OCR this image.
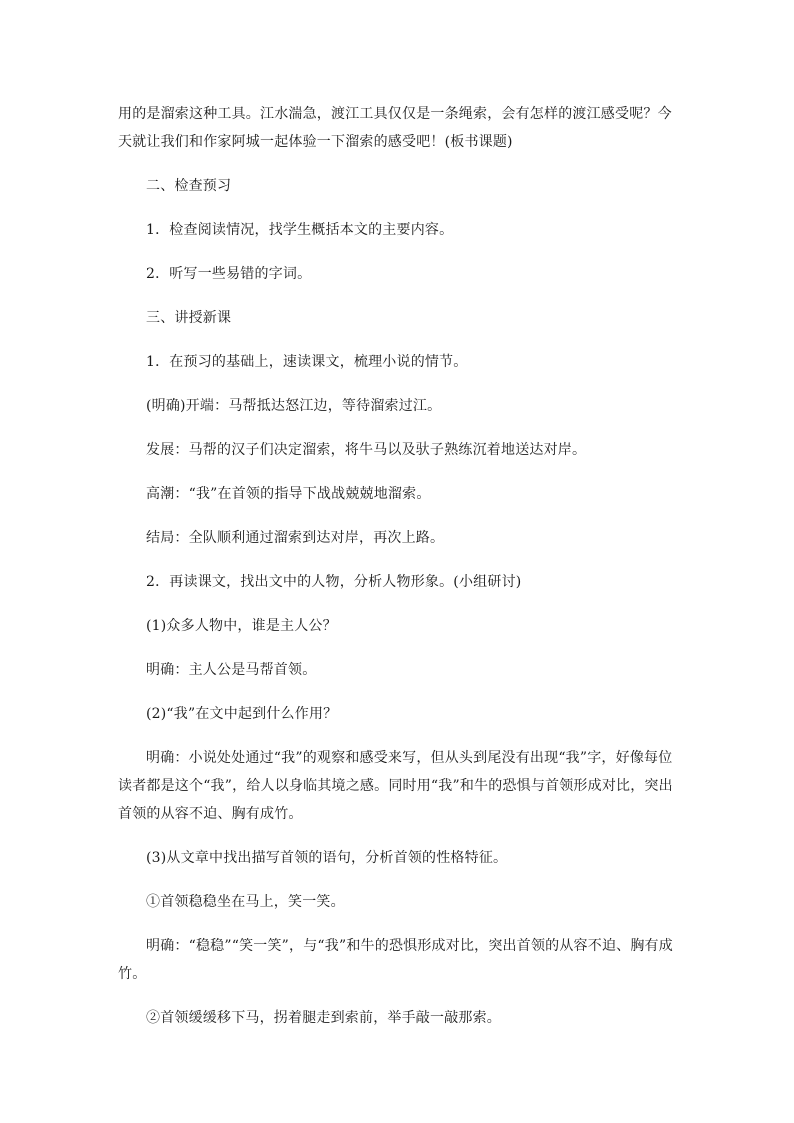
用的是溜索这种工具。江水湍急，渡江工具仅仅是一条绳索，会有怎样的渡江感受呢？今天就让我们和作家阿城一起体验一下溜索的感受吧！(板书课题)

二、检查预习

1．检查阅读情况，找学生概括本文的主要内容。

2．听写一些易错的字词。

三、讲授新课

1．在预习的基础上，速读课文，梳理小说的情节。

(明确)开端：马帮抵达怒江边，等待溜索过江。

发展：马帮的汉子们决定溜索，将牛马以及驮子熟练沉着地送达对岸。

高潮：“我”在首领的指导下战战兢兢地溜索。

结局：全队顺利通过溜索到达对岸，再次上路。

2．再读课文，找出文中的人物，分析人物形象。(小组研讨)

(1)众多人物中，谁是主人公？

明确：主人公是马帮首领。

(2)“我”在文中起到什么作用？

明确：小说处处通过“我”的观察和感受来写，但从头到尾没有出现“我”字，好像每位读者都是这个“我”，给人以身临其境之感。同时用“我”和牛的恐惧与首领形成对比，突出首领的从容不迫、胸有成竹。

(3)从文章中找出描写首领的语句，分析首领的性格特征。

①首领稳稳坐在马上，笑一笑。

明确：“稳稳”“笑一笑”，与“我”和牛的恐惧形成对比，突出首领的从容不迫、胸有成竹。

②首领缓缓移下马，拐着腿走到索前，举手敲一敲那索。
